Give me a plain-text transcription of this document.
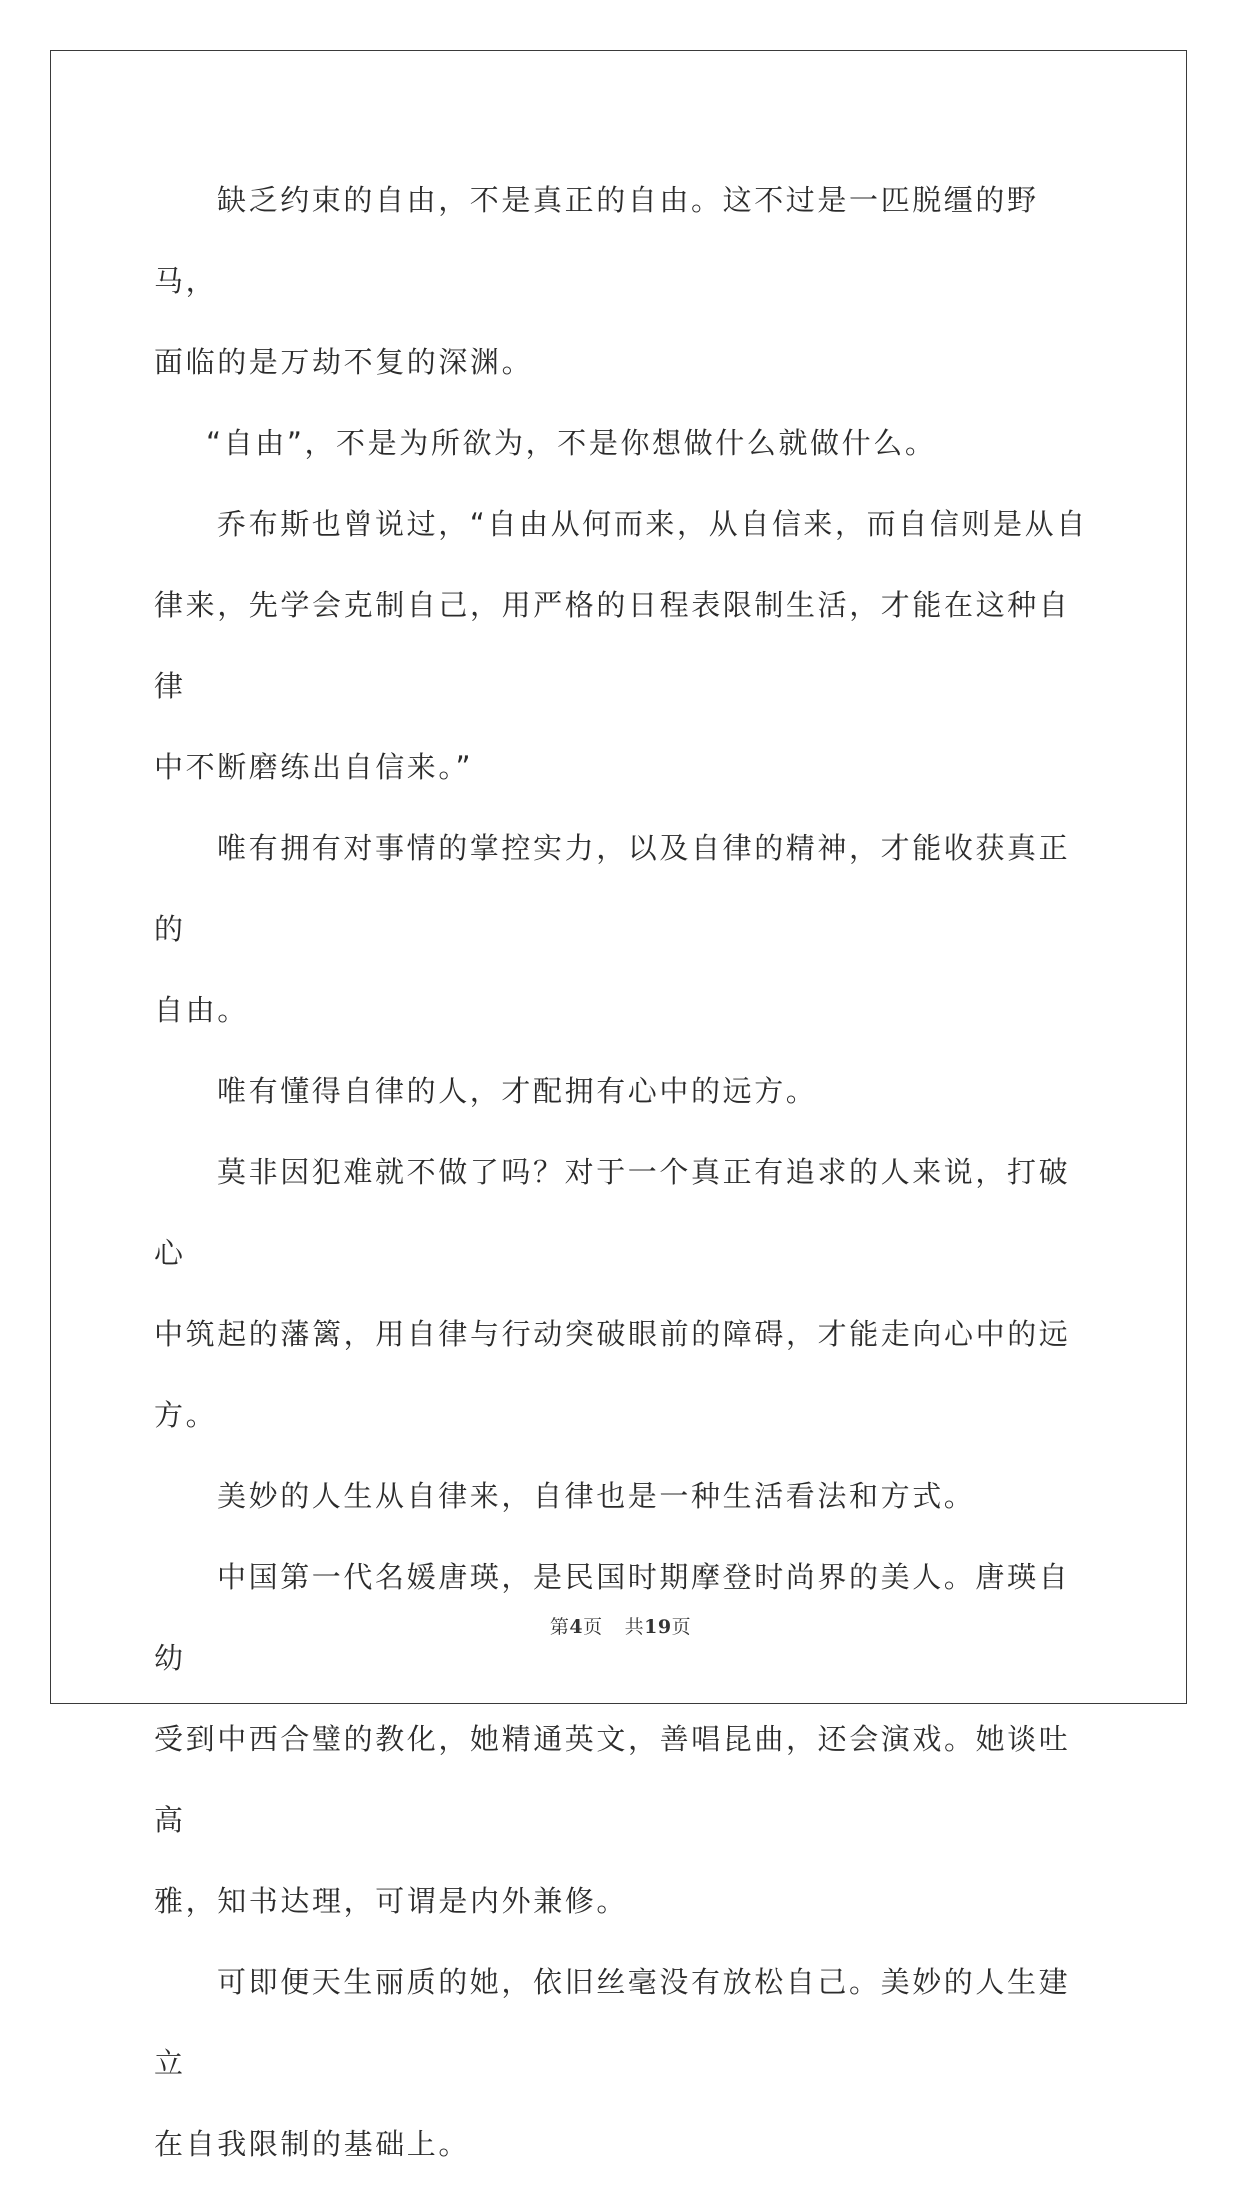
缺乏约束的自由，不是真正的自由。这不过是一匹脱缰的野马，
面临的是万劫不复的深渊。

“自由”，不是为所欲为，不是你想做什么就做什么。

乔布斯也曾说过，“自由从何而来，从自信来，而自信则是从自
律来，先学会克制自己，用严格的日程表限制生活，才能在这种自律
中不断磨练出自信来。”

唯有拥有对事情的掌控实力，以及自律的精神，才能收获真正的
自由。

唯有懂得自律的人，才配拥有心中的远方。

莫非因犯难就不做了吗？对于一个真正有追求的人来说，打破心
中筑起的藩篱，用自律与行动突破眼前的障碍，才能走向心中的远方。

美妙的人生从自律来，自律也是一种生活看法和方式。

中国第一代名媛唐瑛，是民国时期摩登时尚界的美人。唐瑛自幼
受到中西合璧的教化，她精通英文，善唱昆曲，还会演戏。她谈吐高
雅，知书达理，可谓是内外兼修。

可即便天生丽质的她，依旧丝毫没有放松自己。美妙的人生建立
在自我限制的基础上。

第4页 共19页
